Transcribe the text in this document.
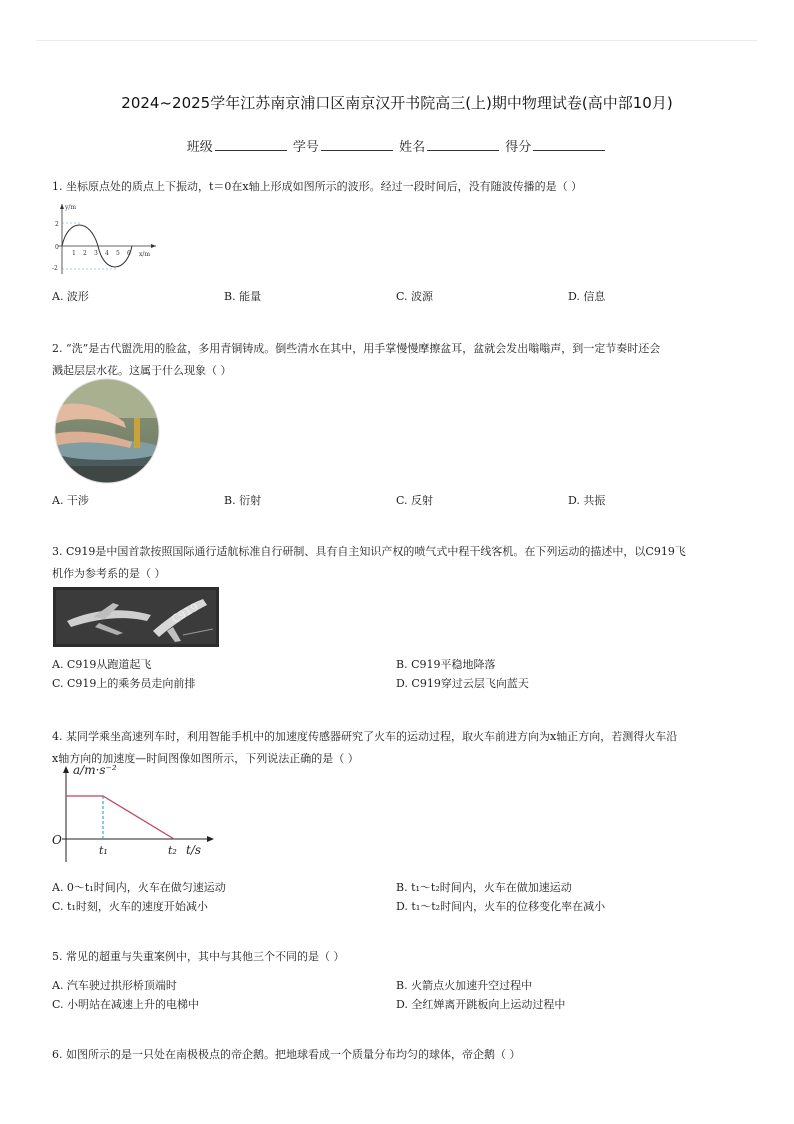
2024~2025学年江苏南京浦口区南京汉开书院高三(上)期中物理试卷(高中部10月)
班级	学号	姓名	得分
1. 坐标原点处的质点上下振动，t＝0在x轴上形成如图所示的波形。经过一段时间后，没有随波传播的是（ ）
y/m
x/m
2
0
-2
1 2 3 4 5 6
A. 波形	B. 能量	C. 波源	D. 信息
2. “洗”是古代盥洗用的脸盆，多用青铜铸成。倒些清水在其中，用手掌慢慢摩擦盆耳，盆就会发出嗡嗡声，到一定节奏时还会
溅起层层水花。这属于什么现象（ ）
A. 干涉	B. 衍射	C. 反射	D. 共振
3. C919是中国首款按照国际通行适航标准自行研制、具有自主知识产权的喷气式中程干线客机。在下列运动的描述中，以C919飞
机作为参考系的是（ ）
C919
A. C919从跑道起飞	B. C919平稳地降落
C. C919上的乘务员走向前排	D. C919穿过云层飞向蓝天
4. 某同学乘坐高速列车时，利用智能手机中的加速度传感器研究了火车的运动过程，取火车前进方向为x轴正方向，若测得火车沿
x轴方向的加速度—时间图像如图所示，下列说法正确的是（ ）
a/m·s⁻²
O
t₁	t₂ t/s
A. 0～t₁时间内，火车在做匀速运动	B. t₁～t₂时间内，火车在做加速运动
C. t₁时刻，火车的速度开始减小	D. t₁～t₂时间内，火车的位移变化率在减小
5. 常见的超重与失重案例中，其中与其他三个不同的是（ ）
A. 汽车驶过拱形桥顶端时	B. 火箭点火加速升空过程中
C. 小明站在减速上升的电梯中	D. 全红婵离开跳板向上运动过程中
6. 如图所示的是一只处在南极极点的帝企鹅。把地球看成一个质量分布均匀的球体，帝企鹅（ ）
